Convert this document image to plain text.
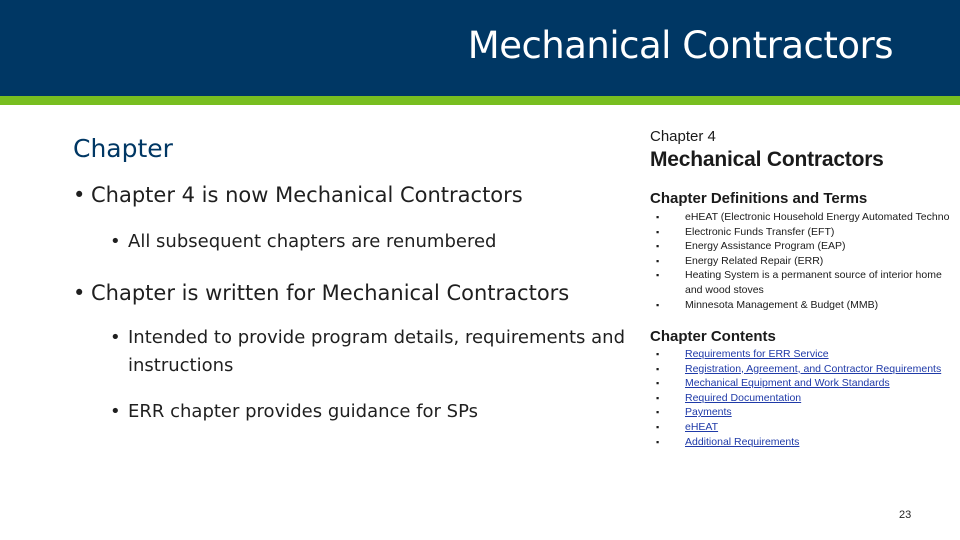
Mechanical Contractors
Chapter
• Chapter 4 is now Mechanical Contractors
• All subsequent chapters are renumbered
• Chapter is written for Mechanical Contractors
• Intended to provide program details, requirements and instructions
• ERR chapter provides guidance for SPs
Chapter 4
Mechanical Contractors
Chapter Definitions and Terms
▪ eHEAT (Electronic Household Energy Automated Techno
▪ Electronic Funds Transfer (EFT)
▪ Energy Assistance Program (EAP)
▪ Energy Related Repair (ERR)
▪ Heating System is a permanent source of interior home and wood stoves
▪ Minnesota Management & Budget (MMB)
Chapter Contents
▪ Requirements for ERR Service
▪ Registration, Agreement, and Contractor Requirements
▪ Mechanical Equipment and Work Standards
▪ Required Documentation
▪ Payments
▪ eHEAT
▪ Additional Requirements
23
